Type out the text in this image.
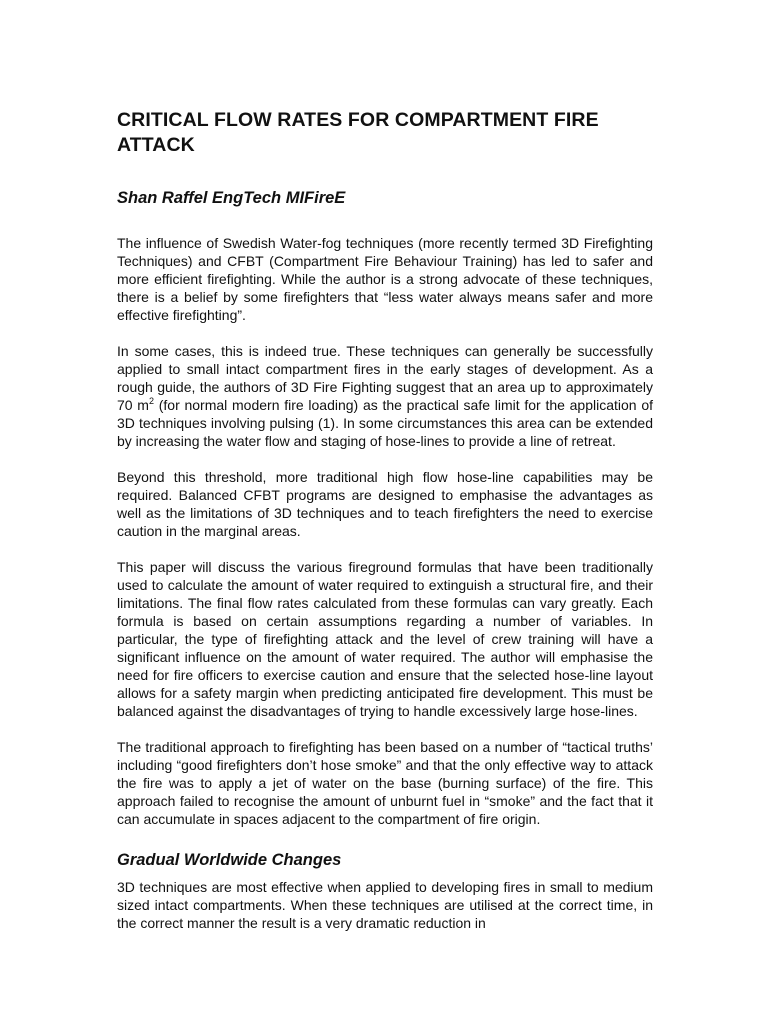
CRITICAL FLOW RATES FOR COMPARTMENT FIRE ATTACK
Shan Raffel EngTech MIFireE

The influence of Swedish Water-fog techniques (more recently termed 3D Firefighting Techniques) and CFBT (Compartment Fire Behaviour Training) has led to safer and more efficient firefighting. While the author is a strong advocate of these techniques, there is a belief by some firefighters that “less water always means safer and more effective firefighting”.

In some cases, this is indeed true. These techniques can generally be successfully applied to small intact compartment fires in the early stages of development. As a rough guide, the authors of 3D Fire Fighting suggest that an area up to approximately 70 $m^2$ (for normal modern fire loading) as the practical safe limit for the application of 3D techniques involving pulsing (1). In some circumstances this area can be extended by increasing the water flow and staging of hose-lines to provide a line of retreat.

Beyond this threshold, more traditional high flow hose-line capabilities may be required. Balanced CFBT programs are designed to emphasise the advantages as well as the limitations of 3D techniques and to teach firefighters the need to exercise caution in the marginal areas.

This paper will discuss the various fireground formulas that have been traditionally used to calculate the amount of water required to extinguish a structural fire, and their limitations. The final flow rates calculated from these formulas can vary greatly. Each formula is based on certain assumptions regarding a number of variables. In particular, the type of firefighting attack and the level of crew training will have a significant influence on the amount of water required. The author will emphasise the need for fire officers to exercise caution and ensure that the selected hose-line layout allows for a safety margin when predicting anticipated fire development. This must be balanced against the disadvantages of trying to handle excessively large hose-lines.

The traditional approach to firefighting has been based on a number of “tactical truths’ including “good firefighters don’t hose smoke” and that the only effective way to attack the fire was to apply a jet of water on the base (burning surface) of the fire. This approach failed to recognise the amount of unburnt fuel in “smoke” and the fact that it can accumulate in spaces adjacent to the compartment of fire origin.

Gradual Worldwide Changes

3D techniques are most effective when applied to developing fires in small to medium sized intact compartments. When these techniques are utilised at the correct time, in the correct manner the result is a very dramatic reduction in
